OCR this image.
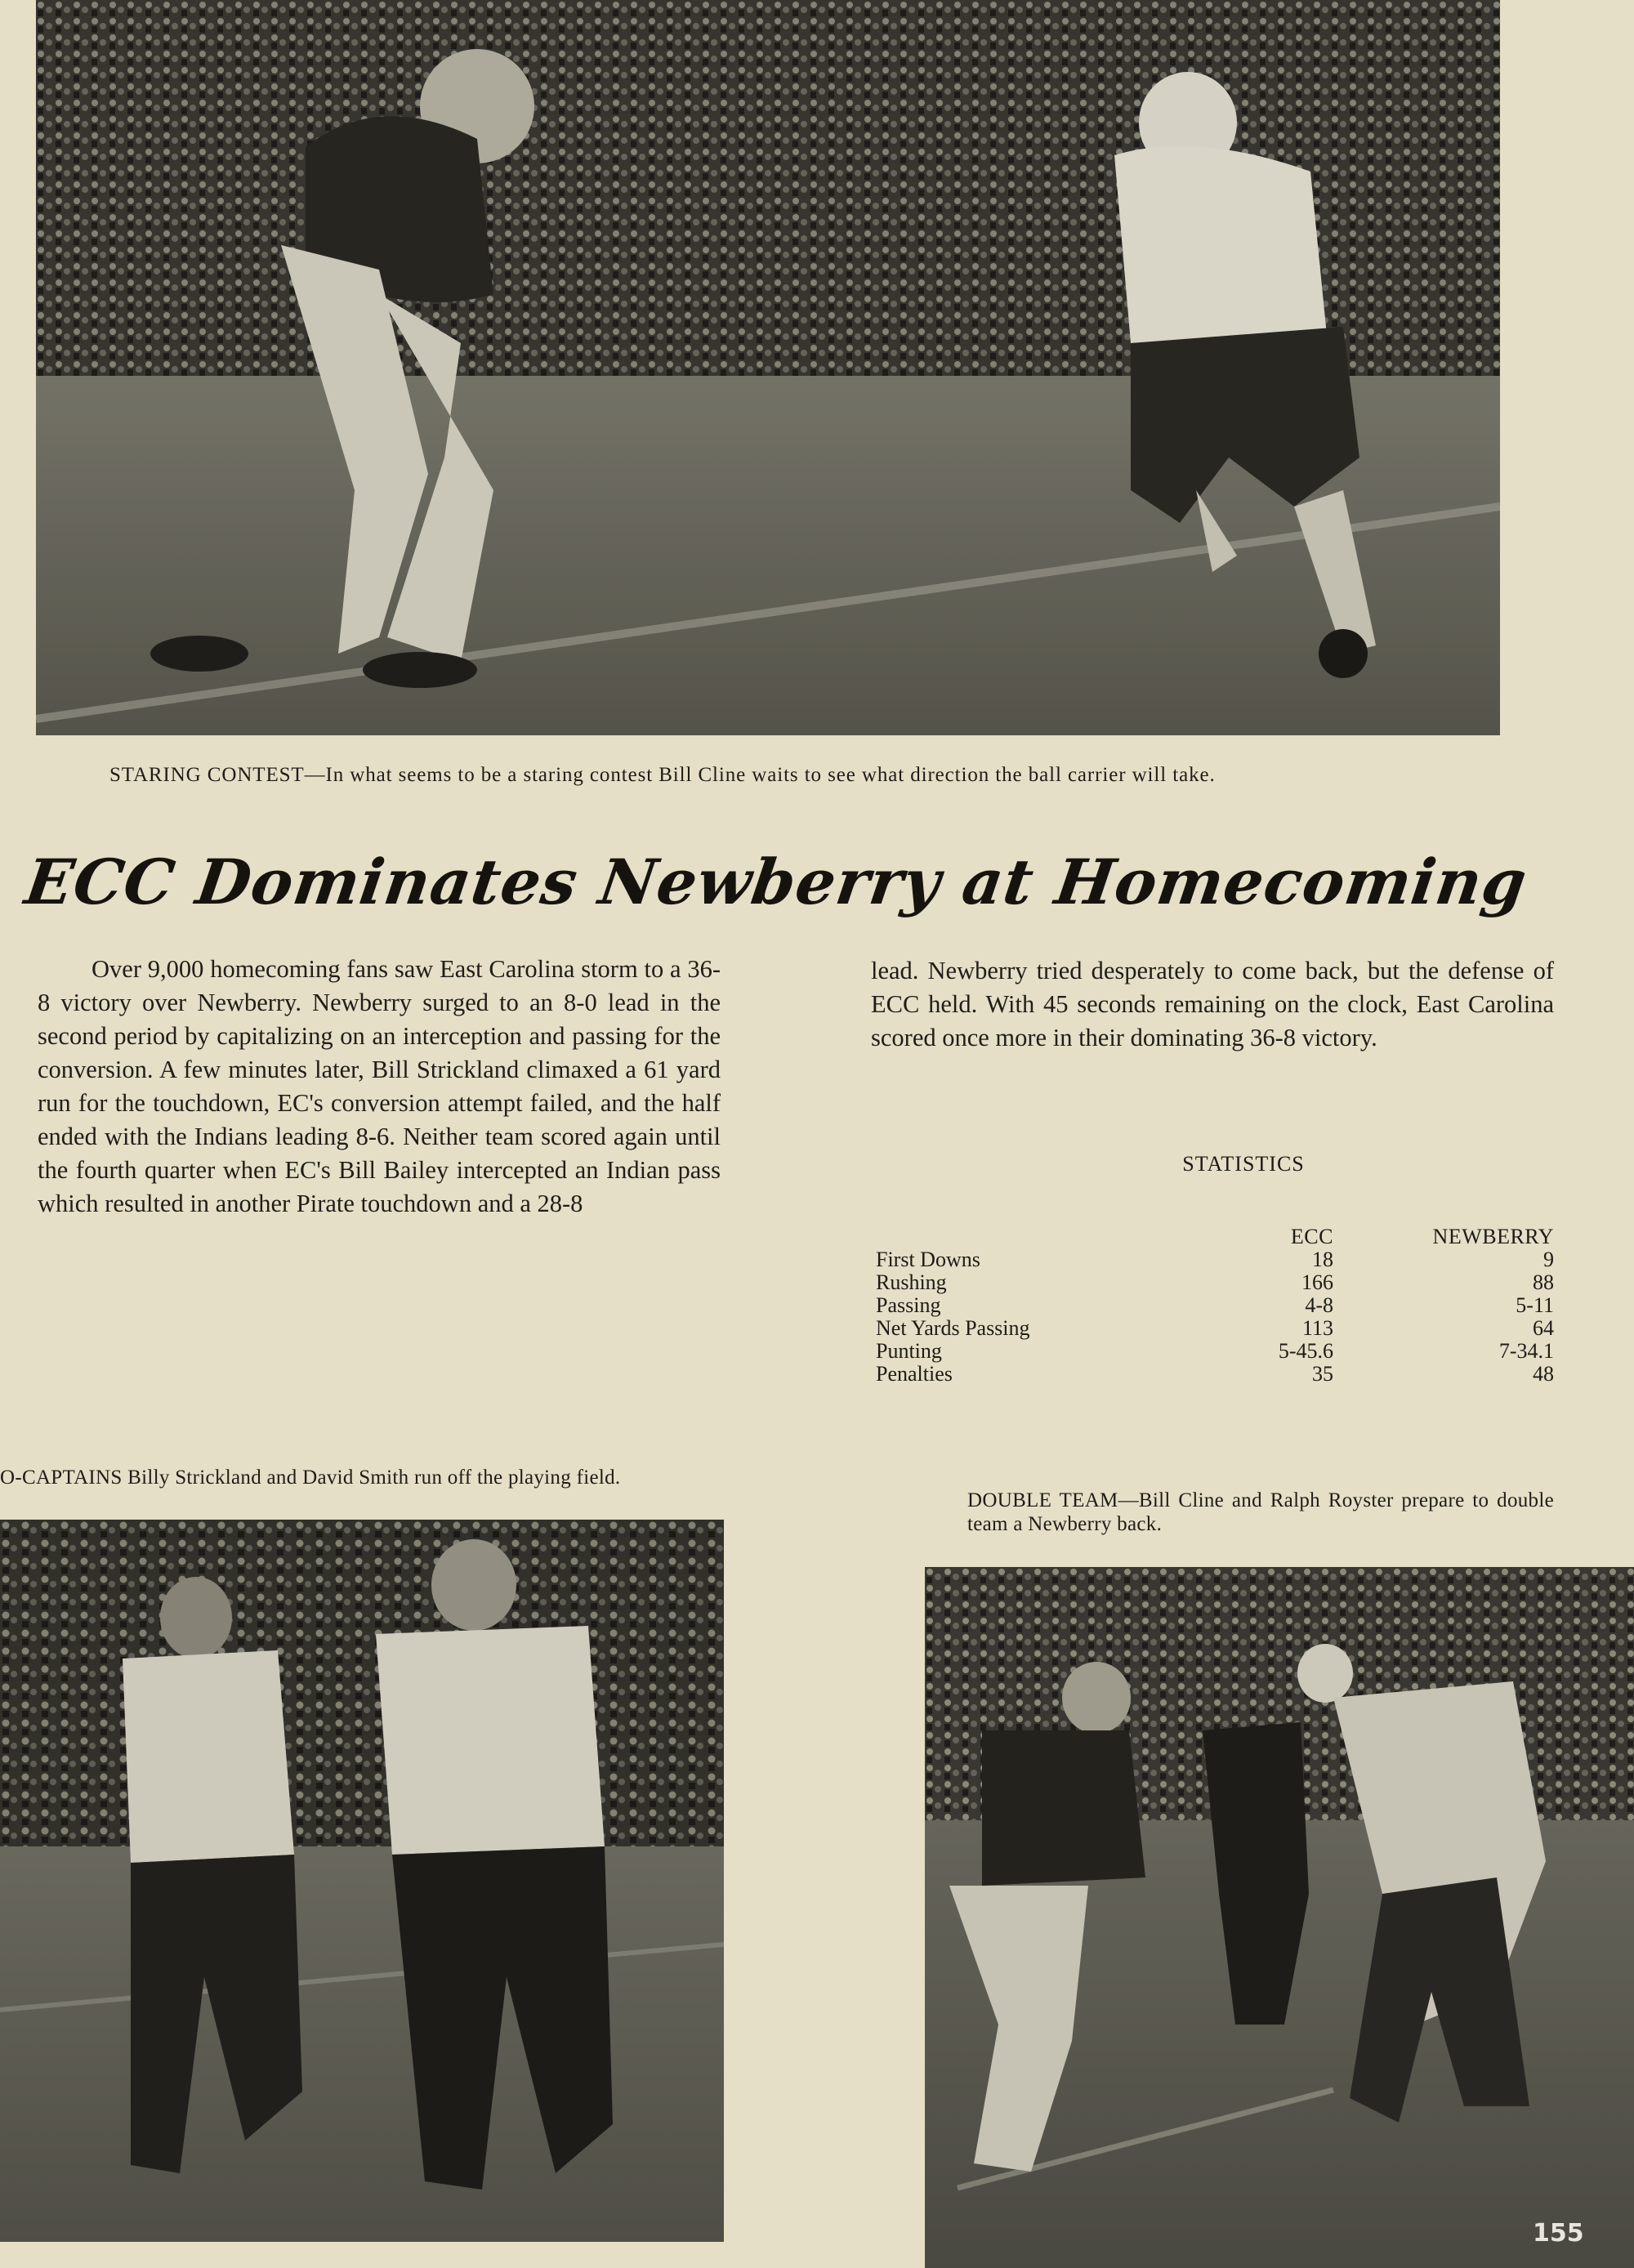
STARING CONTEST—In what seems to be a staring contest Bill Cline waits to see what direction the ball carrier will take.
ECC Dominates Newberry at Homecoming

Over 9,000 homecoming fans saw East Carolina storm to a 36-8 victory over Newberry. Newberry surged to an 8-0 lead in the second period by capitalizing on an interception and passing for the conversion. A few minutes later, Bill Strickland climaxed a 61 yard run for the touchdown, EC's conversion attempt failed, and the half ended with the Indians leading 8-6. Neither team scored again until the fourth quarter when EC's Bill Bailey intercepted an Indian pass which resulted in another Pirate touchdown and a 28-8

lead. Newberry tried desperately to come back, but the defense of ECC held. With 45 seconds remaining on the clock, East Carolina scored once more in their dominating 36-8 victory.

STATISTICS
	ECC	NEWBERRY
First Downs	18	9
Rushing	166	88
Passing	4-8	5-11
Net Yards Passing	113	64
Punting	5-45.6	7-34.1
Penalties	35	48
O-CAPTAINS Billy Strickland and David Smith run off the playing field.
DOUBLE TEAM—Bill Cline and Ralph Royster prepare to double team a Newberry back.
155
